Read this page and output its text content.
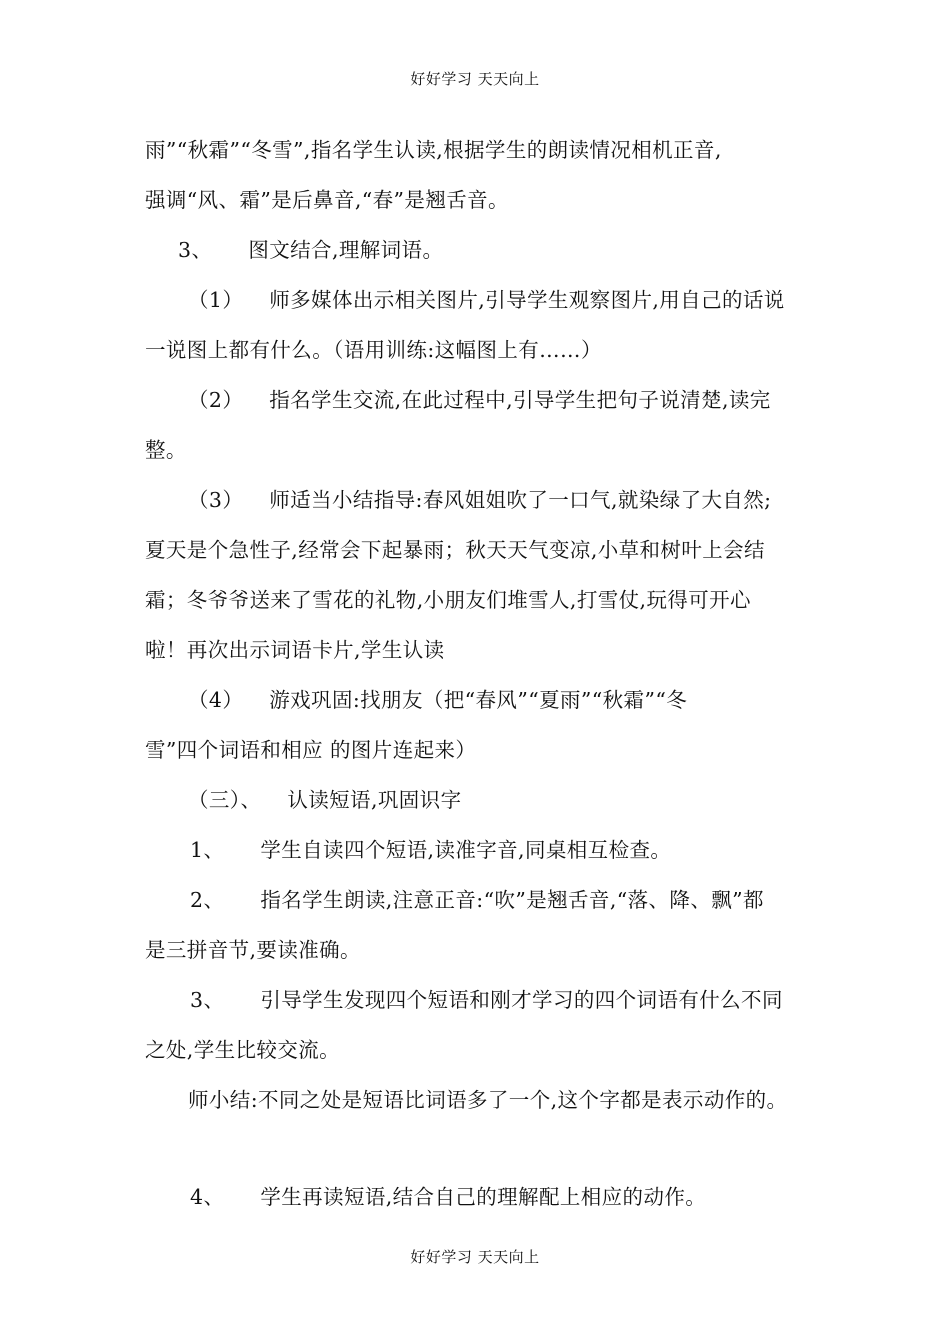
好好学习 天天向上
雨”“秋霜”“冬雪”,指名学生认读,根据学生的朗读情况相机正音,
强调“风、霜”是后鼻音,“春”是翘舌音。
3、 图文结合,理解词语。
（1） 师多媒体出示相关图片,引导学生观察图片,用自己的话说
一说图上都有什么。（语用训练:这幅图上有……）
（2） 指名学生交流,在此过程中,引导学生把句子说清楚,读完
整。
（3） 师适当小结指导:春风姐姐吹了一口气,就染绿了大自然;
夏天是个急性子,经常会下起暴雨；秋天天气变凉,小草和树叶上会结
霜；冬爷爷送来了雪花的礼物,小朋友们堆雪人,打雪仗,玩得可开心
啦！再次出示词语卡片,学生认读
（4） 游戏巩固:找朋友（把“春风”“夏雨”“秋霜”“冬
雪”四个词语和相应 的图片连起来）
（三）、 认读短语,巩固识字
1、 学生自读四个短语,读准字音,同桌相互检查。
2、 指名学生朗读,注意正音:“吹”是翘舌音,“落、降、飘”都
是三拼音节,要读准确。
3、 引导学生发现四个短语和刚才学习的四个词语有什么不同
之处,学生比较交流。
师小结:不同之处是短语比词语多了一个,这个字都是表示动作的。
4、 学生再读短语,结合自己的理解配上相应的动作。
好好学习 天天向上
